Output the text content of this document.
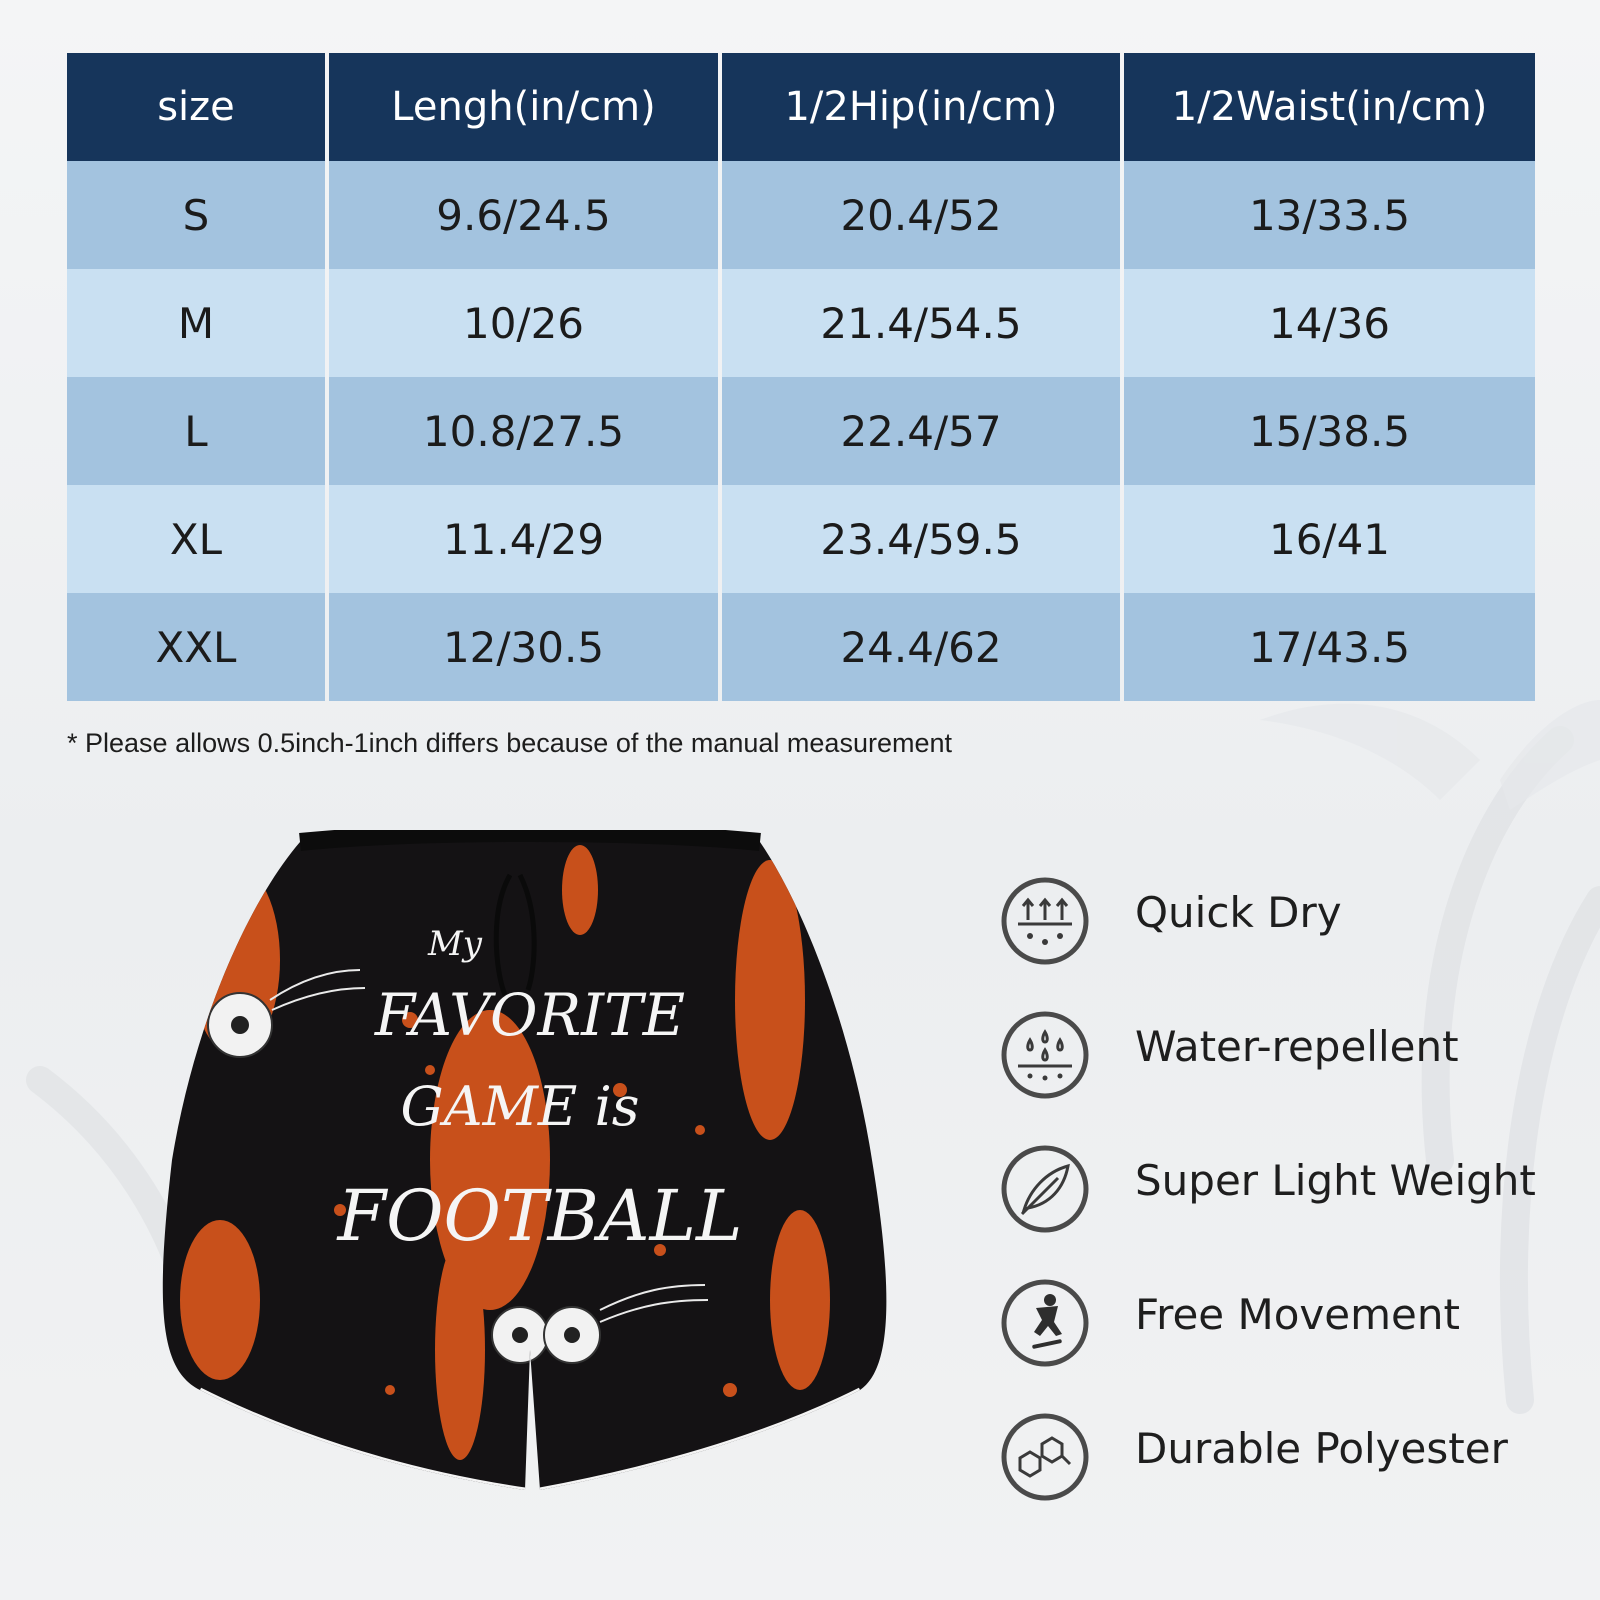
size	Lengh(in/cm)	1/2Hip(in/cm)	1/2Waist(in/cm)
S	9.6/24.5	20.4/52	13/33.5
M	10/26	21.4/54.5	14/36
L	10.8/27.5	22.4/57	15/38.5
XL	11.4/29	23.4/59.5	16/41
XXL	12/30.5	24.4/62	17/43.5
* Please allows 0.5inch-1inch differs because of the manual measurement
My
FAVORITE
GAME is
FOOTBALL
Quick Dry
Water-repellent
Super Light Weight
Free Movement
Durable Polyester
